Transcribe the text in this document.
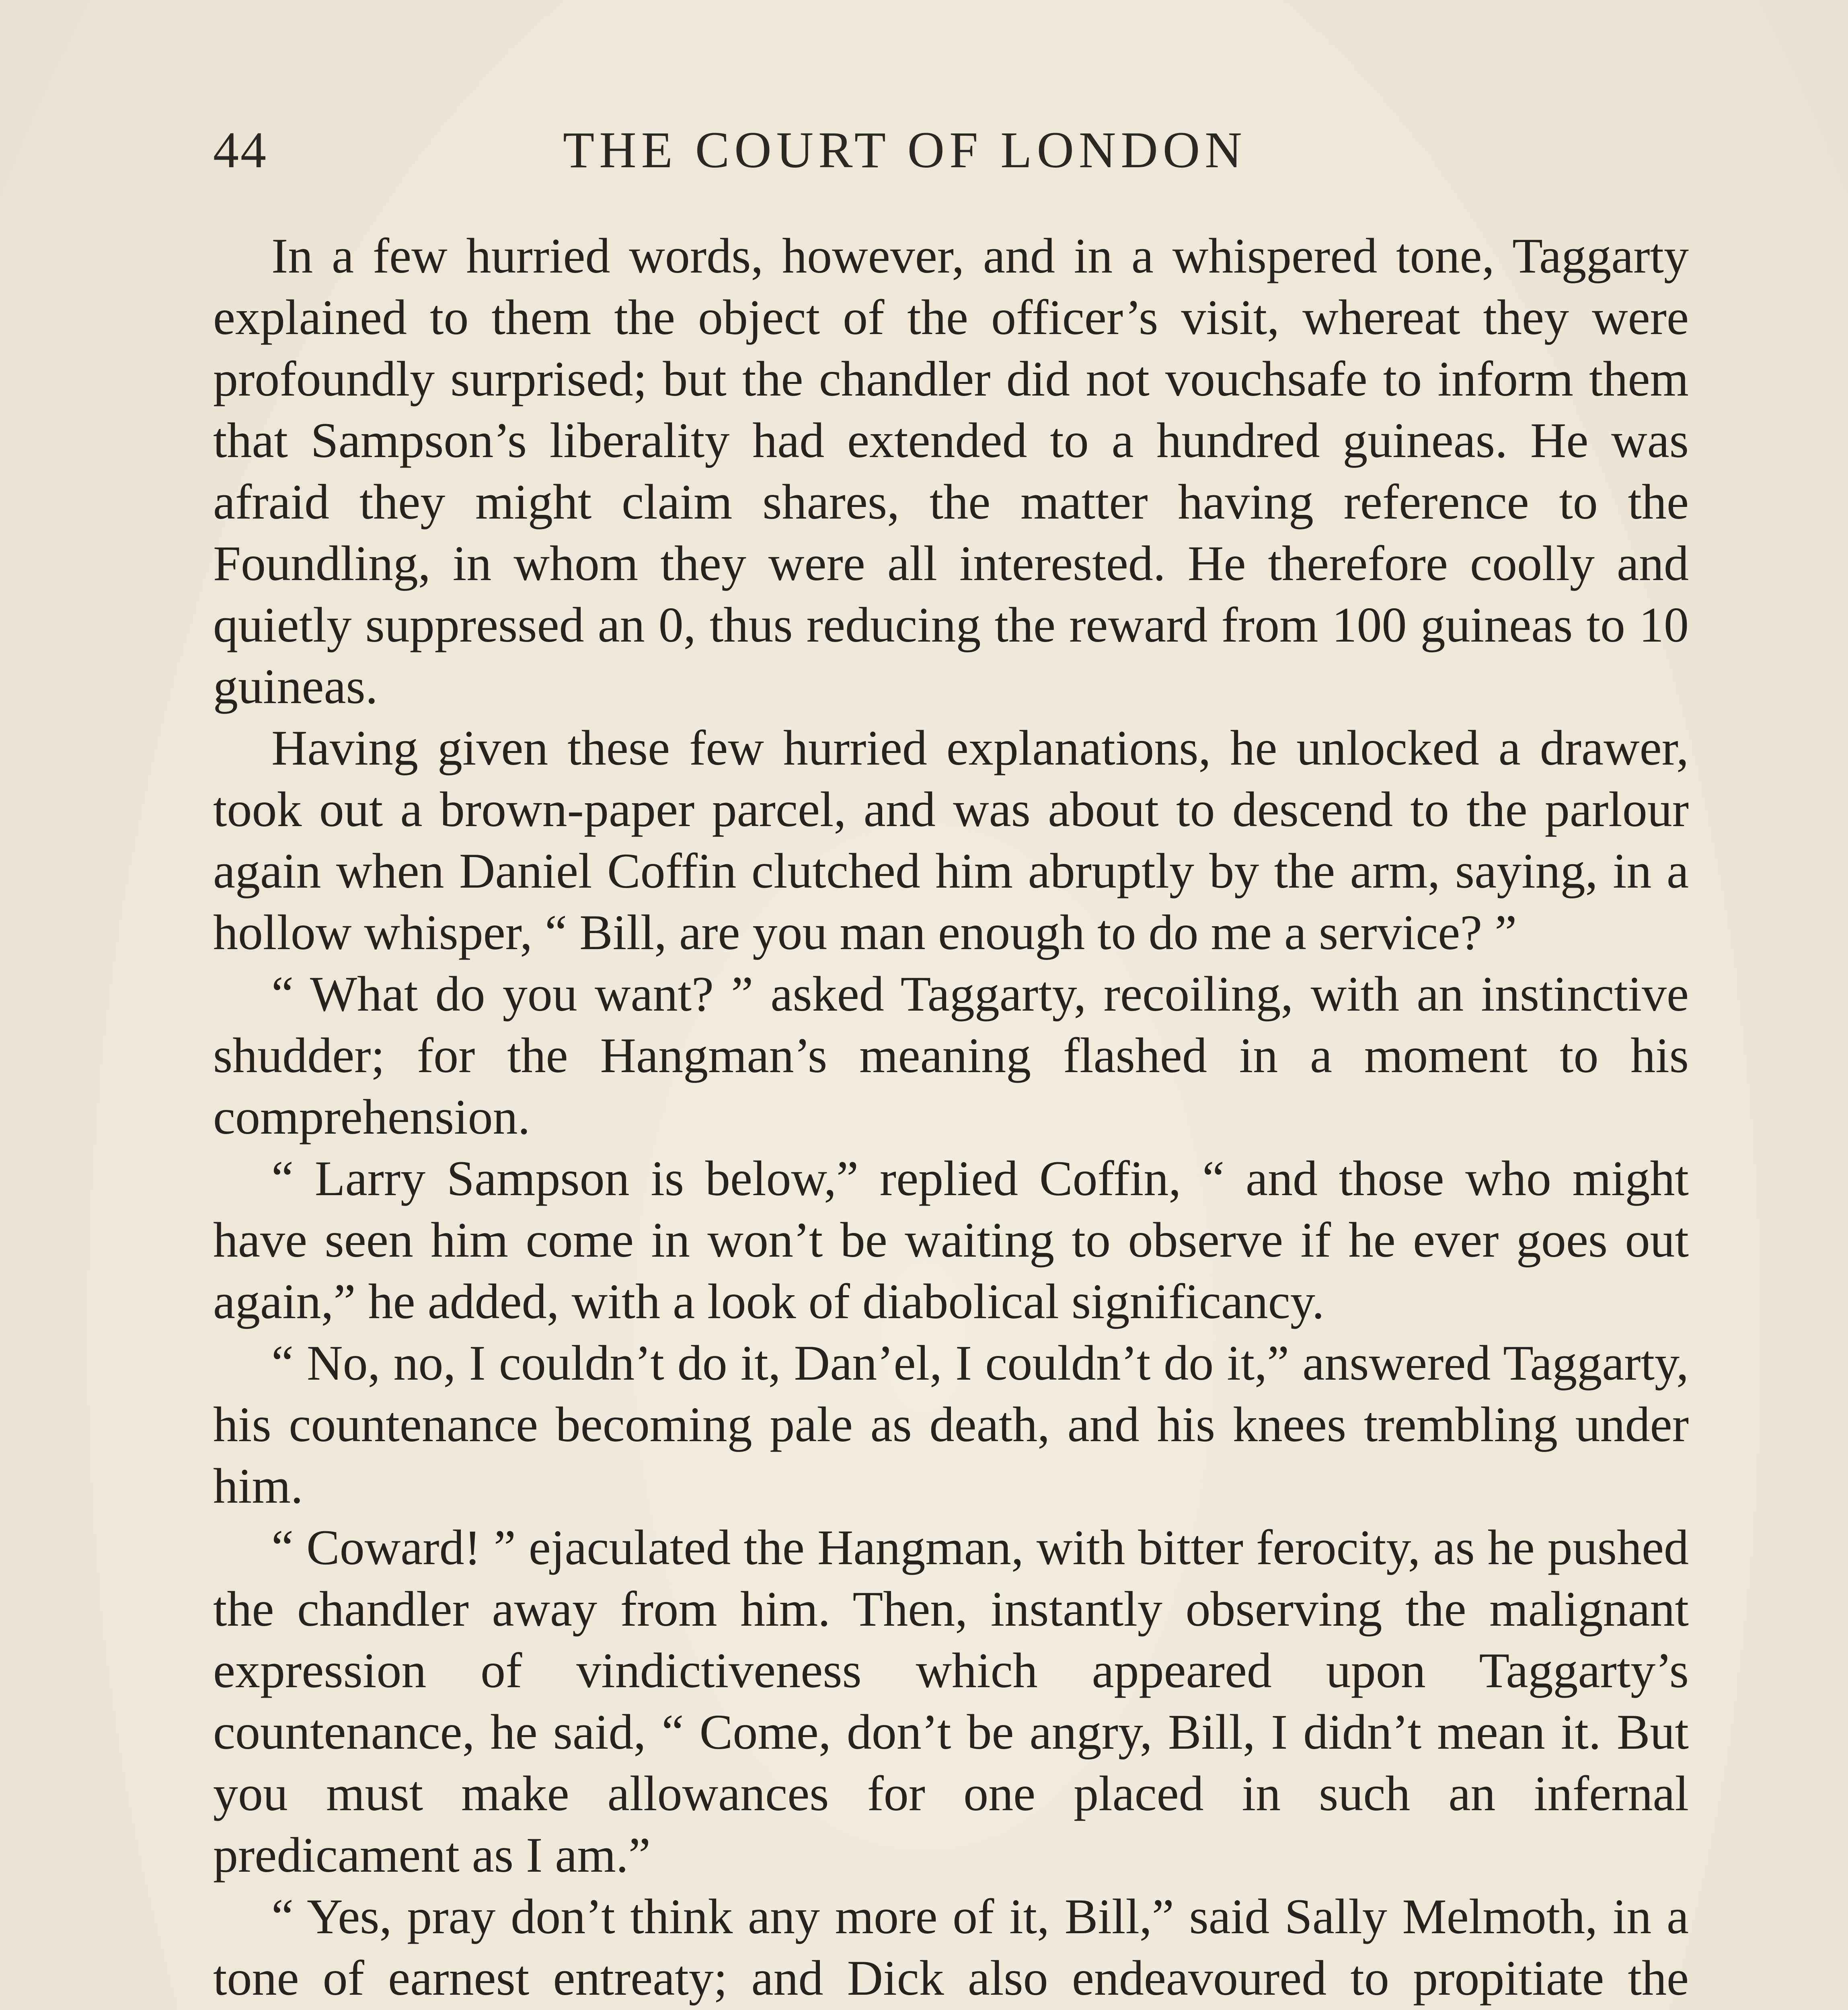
44	THE COURT OF LONDON

In a few hurried words, however, and in a whispered tone, Taggarty explained to them the object of the officer’s visit, whereat they were profoundly surprised; but the chandler did not vouchsafe to inform them that Sampson’s liberality had extended to a hundred guineas. He was afraid they might claim shares, the matter having reference to the Foundling, in whom they were all interested. He therefore coolly and quietly suppressed an 0, thus reducing the reward from 100 guineas to 10 guineas.

Having given these few hurried explanations, he unlocked a drawer, took out a brown-paper parcel, and was about to descend to the parlour again when Daniel Coffin clutched him abruptly by the arm, saying, in a hollow whisper, “ Bill, are you man enough to do me a service? ”

“ What do you want? ” asked Taggarty, recoiling, with an instinctive shudder; for the Hangman’s meaning flashed in a moment to his comprehension.

“ Larry Sampson is below,” replied Coffin, “ and those who might have seen him come in won’t be waiting to observe if he ever goes out again,” he added, with a look of diabolical significancy.

“ No, no, I couldn’t do it, Dan’el, I couldn’t do it,” answered Taggarty, his countenance becoming pale as death, and his knees trembling under him.

“ Coward! ” ejaculated the Hangman, with bitter ferocity, as he pushed the chandler away from him. Then, instantly observing the malignant expression of vindictiveness which appeared upon Taggarty’s countenance, he said, “ Come, don’t be angry, Bill, I didn’t mean it. But you must make allowances for one placed in such an infernal predicament as I am.”

“ Yes, pray don’t think any more of it, Bill,” said Sally Melmoth, in a tone of earnest entreaty; and Dick also endeavoured to propitiate the
